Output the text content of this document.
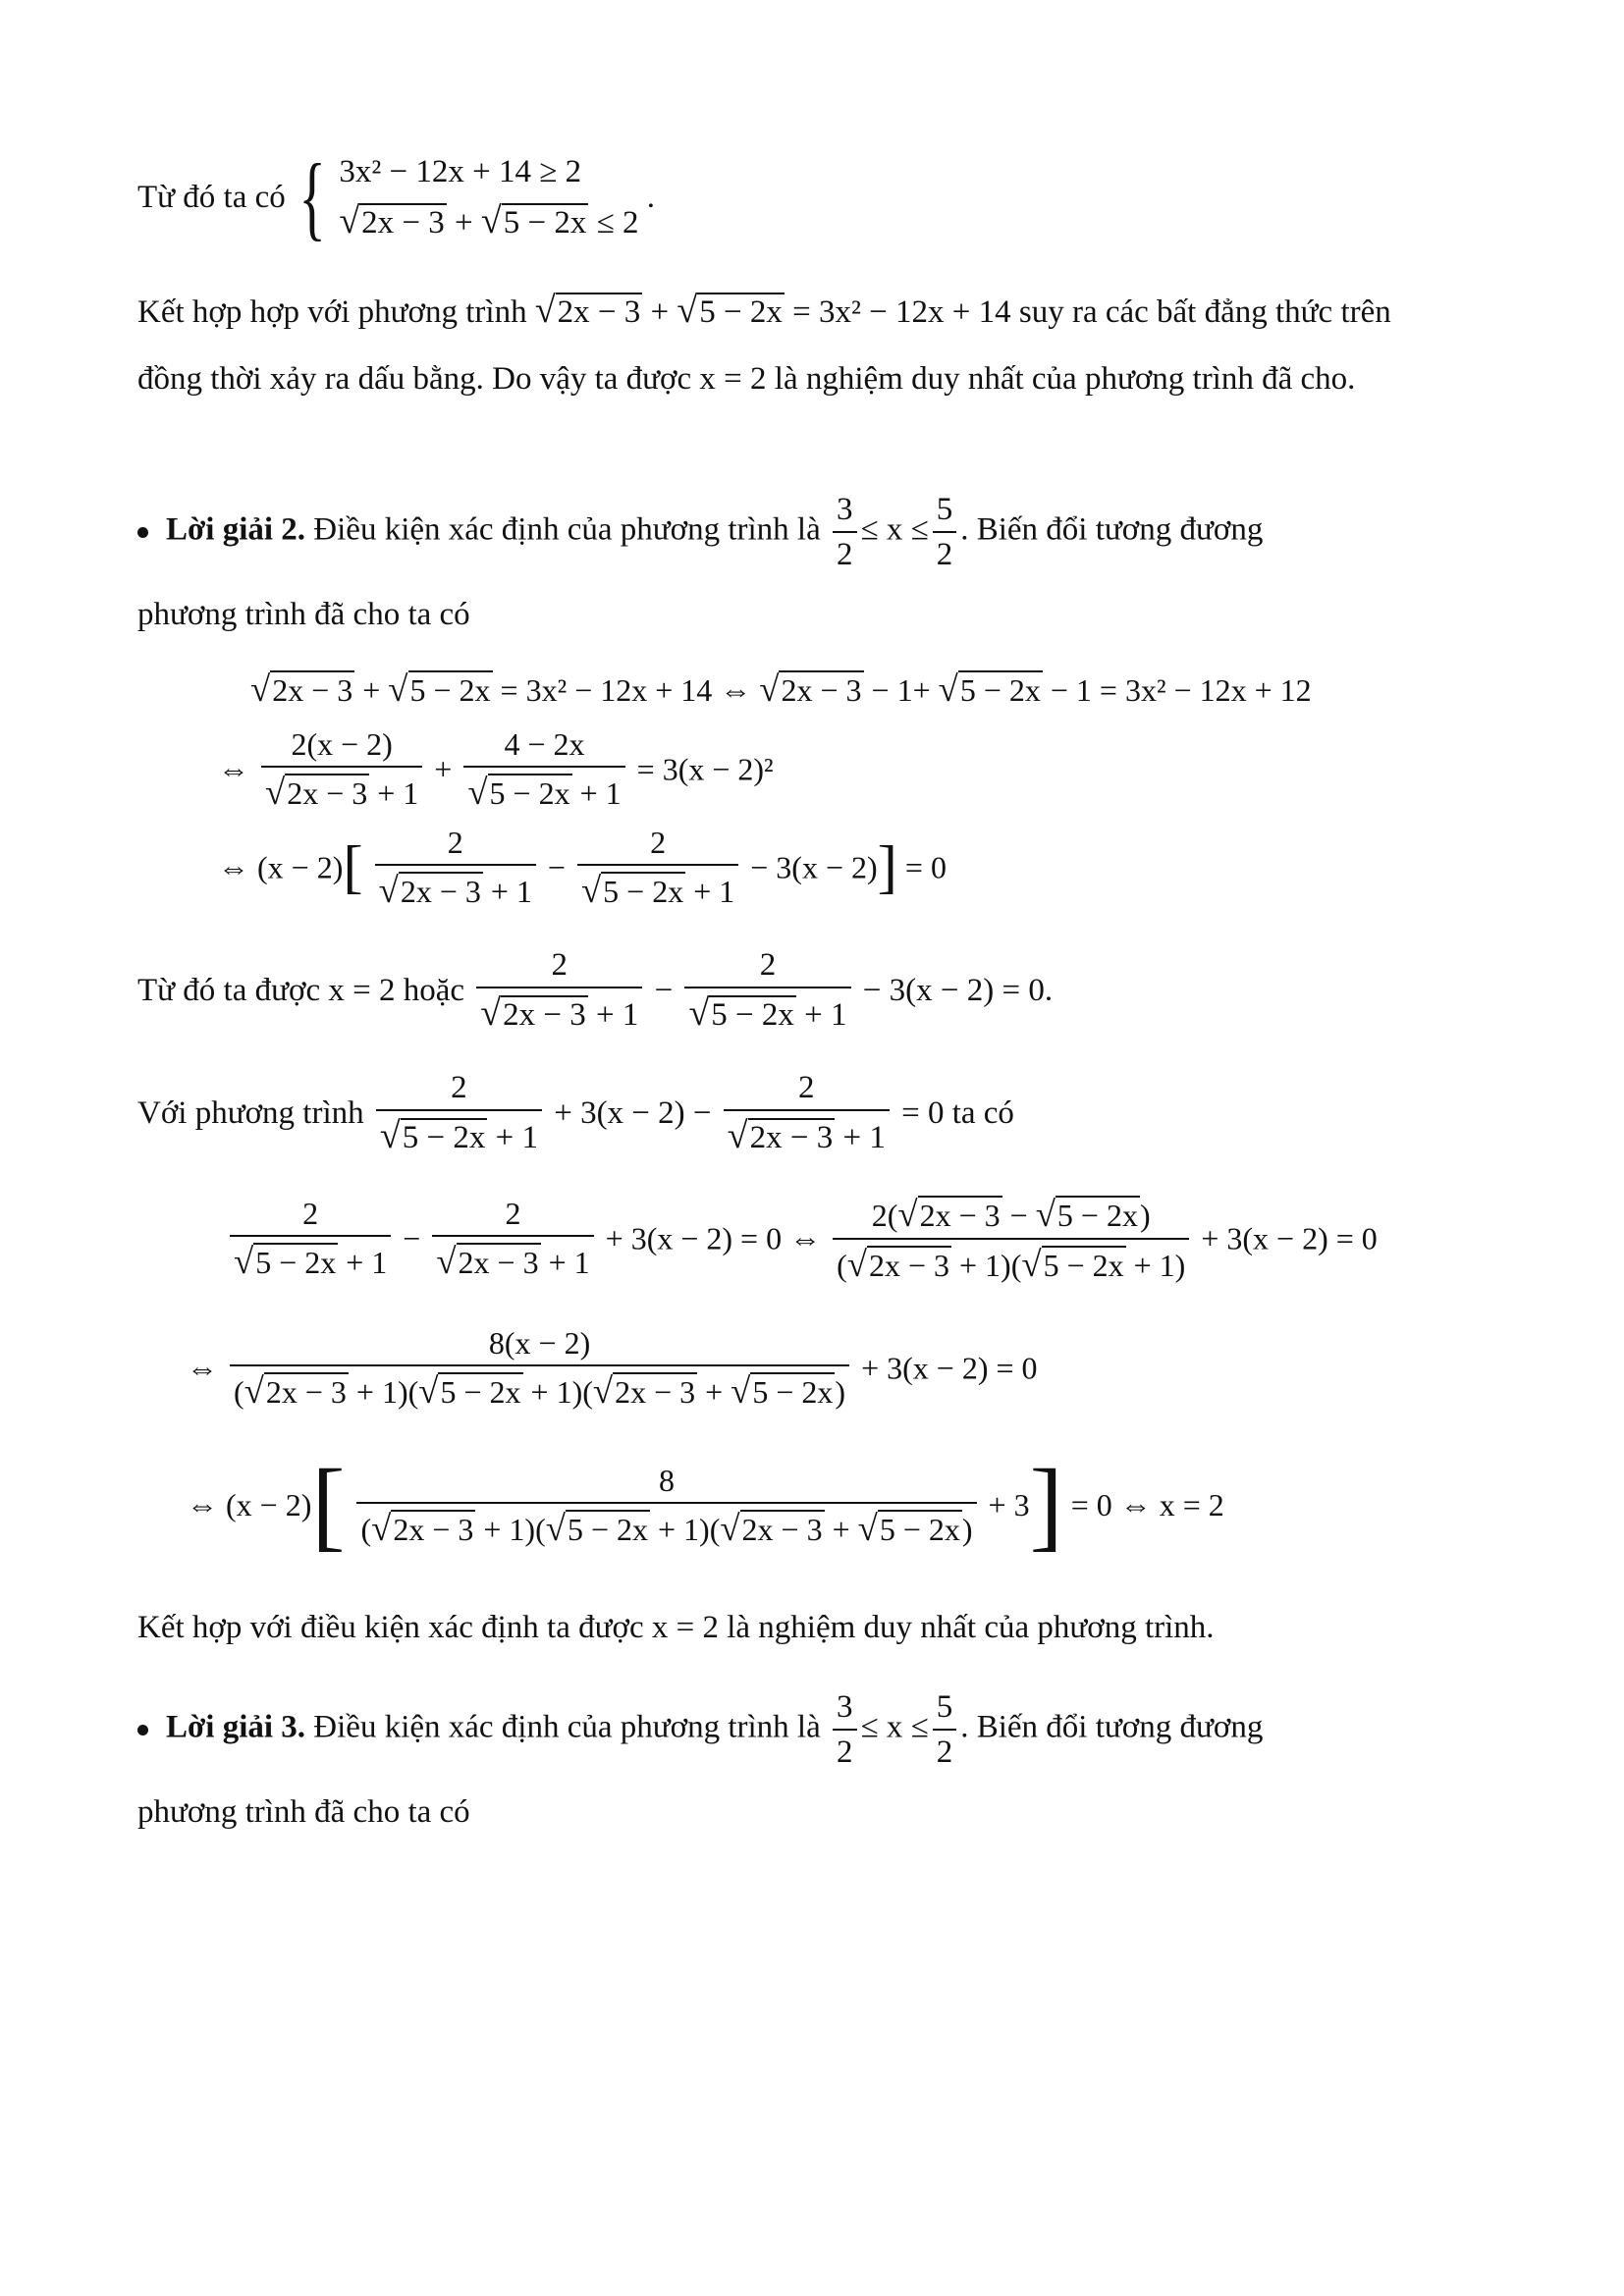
Từ đó ta có { 3x² − 12x + 14 ≥ 2
√2x − 3 + √5 − 2x ≤ 2
.
Kết hợp hợp với phương trình √2x − 3 + √5 − 2x = 3x² − 12x + 14 suy ra các bất đẳng thức trên đồng thời xảy ra dấu bằng. Do vậy ta được x = 2 là nghiệm duy nhất của phương trình đã cho.
Lời giải 2. Điều kiện xác định của phương trình là $\frac{3}{2} \le x \le \frac{5}{2}$ . Biến đổi tương đương
phương trình đã cho ta có
√2x − 3 + √5 − 2x = 3x² − 12x + 14 ⇔ √2x − 3 − 1+ √5 − 2x − 1 = 3x² − 12x + 12
⇔ $\frac{2(x - 2)}{√2x - 3 + 1} + \frac{4 - 2x}{√5 - 2x + 1} = 3(x - 2)^2$
⇔ $(x - 2)[ \frac{2}{√2x - 3 + 1} - \frac{2}{√5 - 2x + 1} - 3(x - 2)] = 0$
Từ đó ta được x = 2 hoặc $\frac{2}{√2x - 3 + 1} - \frac{2}{√5 - 2x + 1} - 3(x - 2) = 0$.
Với phương trình $\frac{2}{√5 - 2x + 1} + 3(x - 2) - \frac{2}{√2x - 3 + 1} = 0$ ta có
$\frac{2}{√5 - 2x + 1} - \frac{2}{√2x - 3 + 1} + 3(x - 2) = 0$ ⇔ $\frac{2(√2x - 3 - √5 - 2x)}{(√2x - 3 + 1)(√5 - 2x + 1)} + 3(x - 2) = 0$
⇔ $\frac{8(x - 2)}{(√2x - 3 + 1)(√5 - 2x + 1)(√2x - 3 + √5 - 2x)} + 3(x - 2) = 0$
⇔ $(x - 2)[ \frac{8}{(√2x - 3 + 1)(√5 - 2x + 1)(√2x - 3 + √5 - 2x)} + 3] = 0$ ⇔ x = 2
Kết hợp với điều kiện xác định ta được x = 2 là nghiệm duy nhất của phương trình.
Lời giải 3. Điều kiện xác định của phương trình là $\frac{3}{2} \le x \le \frac{5}{2}$ . Biến đổi tương đương
phương trình đã cho ta có
